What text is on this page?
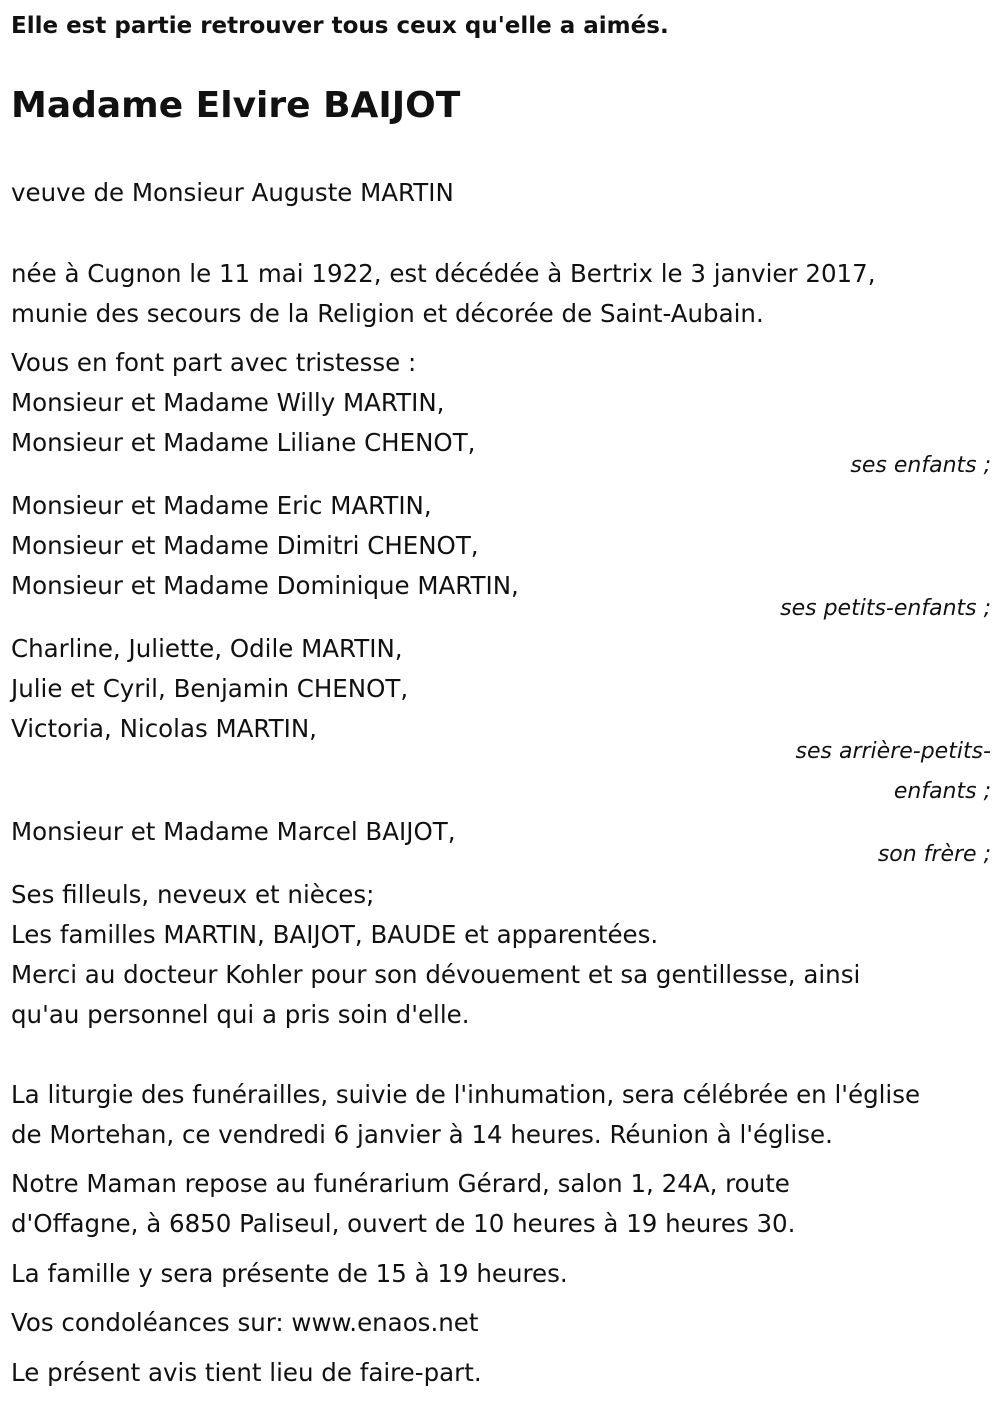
Elle est partie retrouver tous ceux qu'elle a aimés.
Madame Elvire BAIJOT
veuve de Monsieur Auguste MARTIN
née à Cugnon le 11 mai 1922, est décédée à Bertrix le 3 janvier 2017,
munie des secours de la Religion et décorée de Saint-Aubain.
Vous en font part avec tristesse :
Monsieur et Madame Willy MARTIN,
Monsieur et Madame Liliane CHENOT,
ses enfants ;
Monsieur et Madame Eric MARTIN,
Monsieur et Madame Dimitri CHENOT,
Monsieur et Madame Dominique MARTIN,
ses petits-enfants ;
Charline, Juliette, Odile MARTIN,
Julie et Cyril, Benjamin CHENOT,
Victoria, Nicolas MARTIN,
ses arrière-petits-
enfants ;
Monsieur et Madame Marcel BAIJOT,
son frère ;
Ses filleuls, neveux et nièces;
Les familles MARTIN, BAIJOT, BAUDE et apparentées.
Merci au docteur Kohler pour son dévouement et sa gentillesse, ainsi
qu'au personnel qui a pris soin d'elle.
La liturgie des funérailles, suivie de l'inhumation, sera célébrée en l'église
de Mortehan, ce vendredi 6 janvier à 14 heures. Réunion à l'église.
Notre Maman repose au funérarium Gérard, salon 1, 24A, route
d'Offagne, à 6850 Paliseul, ouvert de 10 heures à 19 heures 30.
La famille y sera présente de 15 à 19 heures.
Vos condoléances sur: www.enaos.net
Le présent avis tient lieu de faire-part.
